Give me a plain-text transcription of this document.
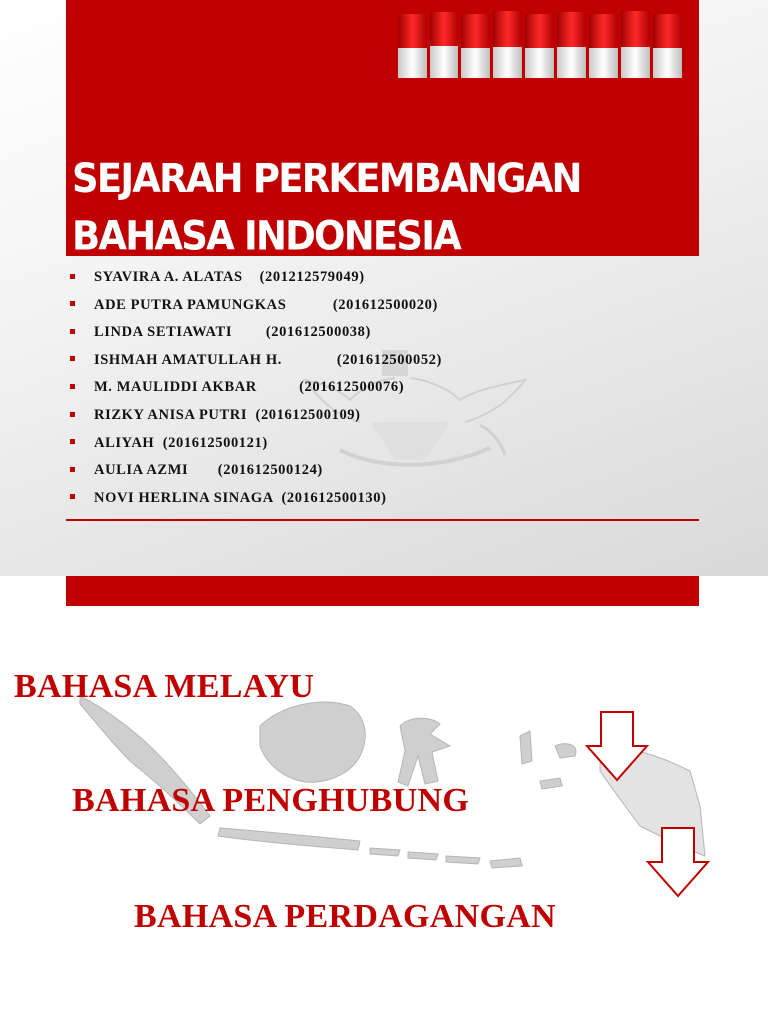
SEJARAH PERKEMBANGAN
BAHASA INDONESIA
SYAVIRA A. ALATAS    (201212579049)
ADE PUTRA PAMUNGKAS           (201612500020)
LINDA SETIAWATI        (201612500038)
ISHMAH AMATULLAH H.             (201612500052)
M. MAULIDDI AKBAR          (201612500076)
RIZKY ANISA PUTRI  (201612500109)
ALIYAH  (201612500121)
AULIA AZMI       (201612500124)
NOVI HERLINA SINAGA  (201612500130)
BAHASA MELAYU
BAHASA PENGHUBUNG
BAHASA PERDAGANGAN
